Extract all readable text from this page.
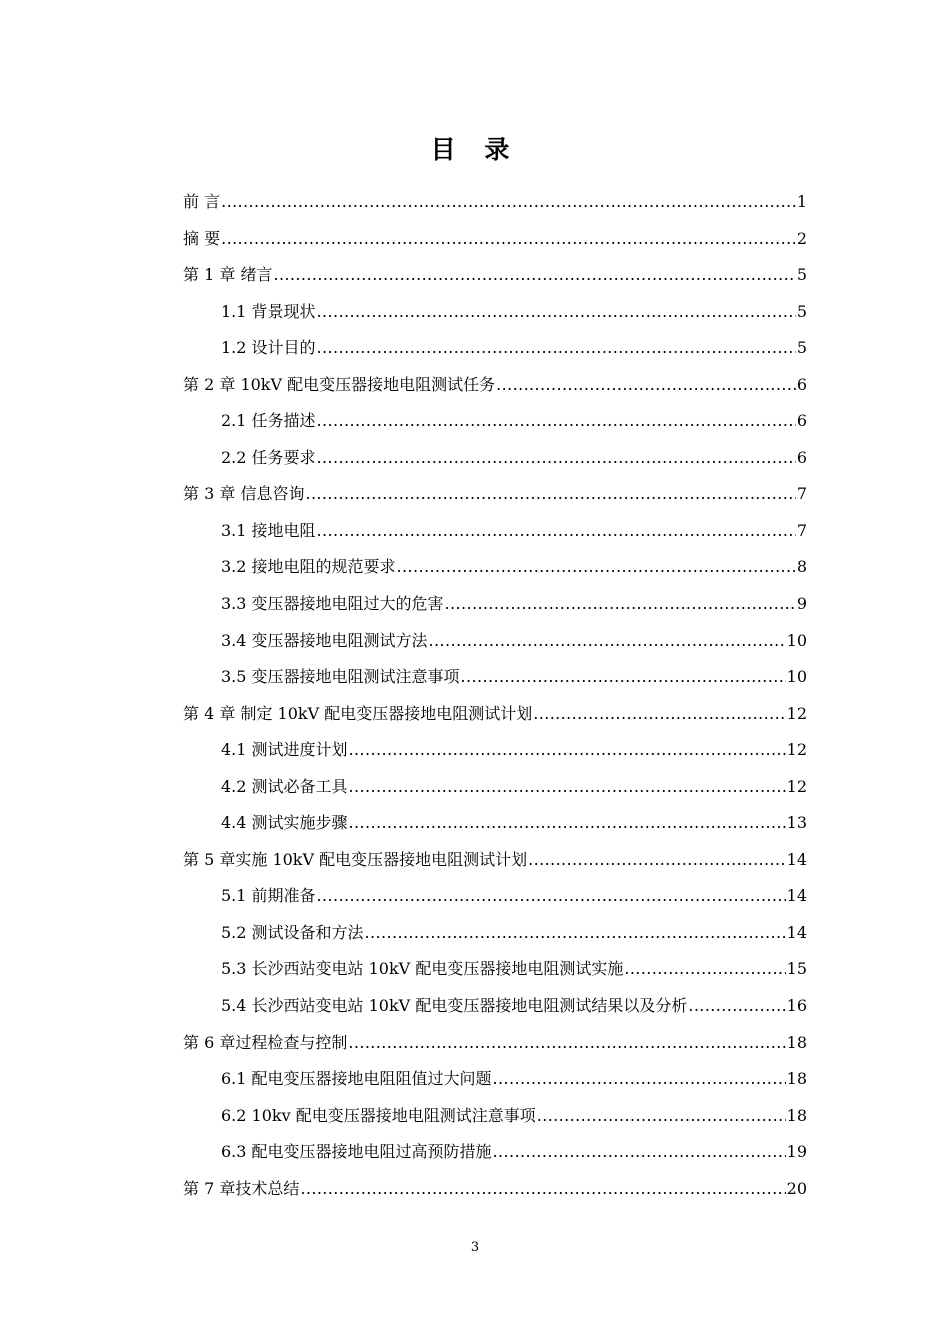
目 录
前 言 .....	1
摘 要 .....	2
第 1 章 绪言 .....	5
1.1 背景现状 .....	5
1.2 设计目的 .....	5
第 2 章 10kV 配电变压器接地电阻测试任务 .....	6
2.1 任务描述 .....	6
2.2 任务要求 .....	6
第 3 章 信息咨询 .....	7
3.1 接地电阻 .....	7
3.2 接地电阻的规范要求 .....	8
3.3 变压器接地电阻过大的危害 .....	9
3.4 变压器接地电阻测试方法 .....	10
3.5 变压器接地电阻测试注意事项 .....	10
第 4 章 制定 10kV 配电变压器接地电阻测试计划 .....	12
4.1 测试进度计划 .....	12
4.2 测试必备工具 .....	12
4.4 测试实施步骤 .....	13
第 5 章实施 10kV 配电变压器接地电阻测试计划 .....	14
5.1 前期准备 .....	14
5.2 测试设备和方法 .....	14
5.3 长沙西站变电站 10kV 配电变压器接地电阻测试实施 .....	15
5.4 长沙西站变电站 10kV 配电变压器接地电阻测试结果以及分析 .....	16
第 6 章过程检查与控制 .....	18
6.1 配电变压器接地电阻阻值过大问题 .....	18
6.2 10kv 配电变压器接地电阻测试注意事项 .....	18
6.3 配电变压器接地电阻过高预防措施 .....	19
第 7 章技术总结 .....	20
3
